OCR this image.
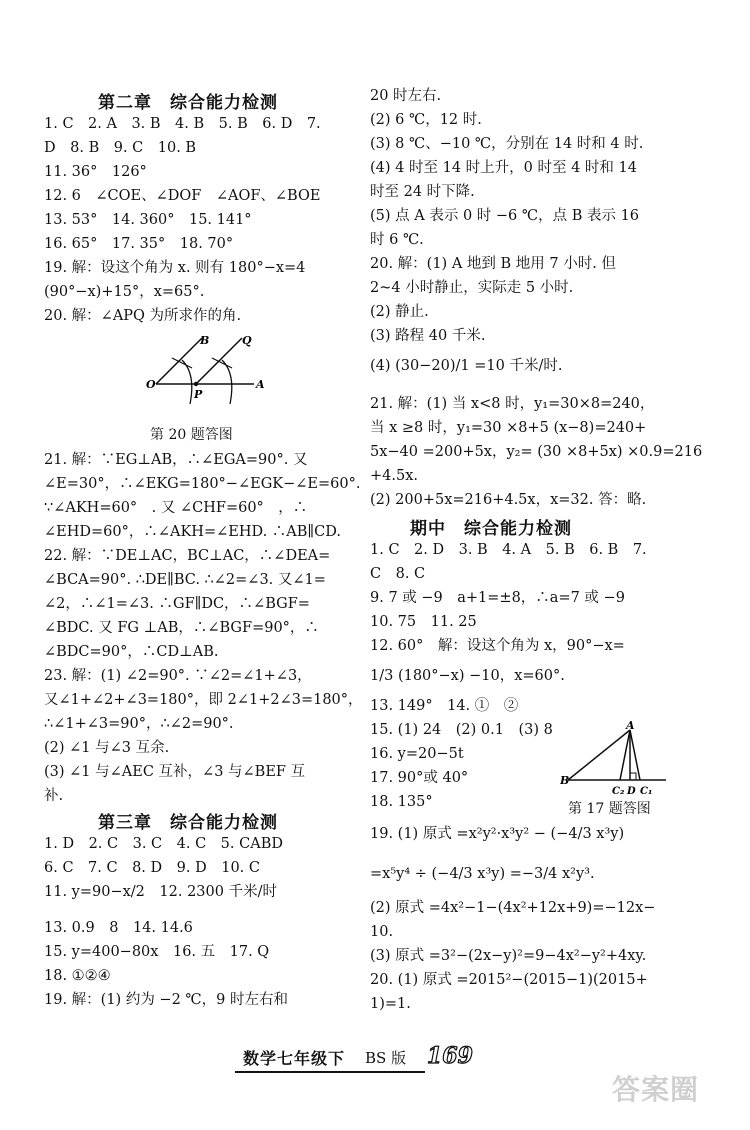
第二章　综合能力检测
1. C　2. A　3. B　4. B　5. B　6. D　7.
D　8. B　9. C　10. B
11. 36°　126°
12. 6　∠COE、∠DOF　∠AOF、∠BOE
13. 53°　14. 360°　15. 141°
16. 65°　17. 35°　18. 70°
19. 解：设这个角为 x. 则有 180°−x=4
(90°−x)+15°，x=65°.
20. 解：∠APQ 为所求作的角.
B	Q
O
P
A
第 20 题答图
21. 解：∵EG⊥AB，∴∠EGA=90°. 又
∠E=30°，∴∠EKG=180°−∠EGK−∠E=60°.
∵∠AKH=60°　. 又 ∠CHF=60°　，∴
∠EHD=60°，∴∠AKH=∠EHD. ∴AB∥CD.
22. 解：∵DE⊥AC，BC⊥AC，∴∠DEA=
∠BCA=90°. ∴DE∥BC. ∴∠2=∠3. 又∠1=
∠2，∴∠1=∠3. ∴GF∥DC，∴∠BGF=
∠BDC. 又 FG ⊥AB，∴∠BGF=90°，∴
∠BDC=90°，∴CD⊥AB.
23. 解：(1) ∠2=90°. ∵∠2=∠1+∠3，
又∠1+∠2+∠3=180°，即 2∠1+2∠3=180°，
∴∠1+∠3=90°，∴∠2=90°.
(2) ∠1 与∠3 互余.
(3) ∠1 与∠AEC 互补，∠3 与∠BEF 互
补.
第三章　综合能力检测
1. D　2. C　3. C　4. C　5. CABD
6. C　7. C　8. D　9. D　10. C
11. y=90−x/2　12. 2300 千米/时
13. 0.9　8　14. 14.6
15. y=400−80x　16. 五　17. Q
18. ①②④
19. 解：(1) 约为 −2 ℃，9 时左右和
20 时左右.
(2) 6 ℃，12 时.
(3) 8 ℃、−10 ℃，分别在 14 时和 4 时.
(4) 4 时至 14 时上升，0 时至 4 时和 14
时至 24 时下降.
(5) 点 A 表示 0 时 −6 ℃，点 B 表示 16
时 6 ℃.
20. 解：(1) A 地到 B 地用 7 小时. 但
2~4 小时静止，实际走 5 小时.
(2) 静止.
(3) 路程 40 千米.
(4) (30−20)/1 =10 千米/时.
21. 解：(1) 当 x<8 时，y₁=30×8=240，
当 x ≥8 时，y₁=30 ×8+5 (x−8)=240+
5x−40 =200+5x，y₂= (30 ×8+5x) ×0.9=216
+4.5x.
(2) 200+5x=216+4.5x，x=32. 答：略.
期中　综合能力检测
1. C　2. D　3. B　4. A　5. B　6. B　7.
C　8. C
9. 7 或 −9　a+1=±8，∴a=7 或 −9
10. 75　11. 25
12. 60°　解：设这个角为 x，90°−x=
1/3 (180°−x) −10，x=60°.
13. 149°　14. ①　②
15. (1) 24　(2) 0.1　(3) 8
16. y=20−5t
17. 90°或 40°
18. 135°
A
B
C₂ D C₁
第 17 题答图
19. (1) 原式 =x²y²·x³y² − (−4/3 x³y)
=x⁵y⁴ ÷ (−4/3 x³y) =−3/4 x²y³.
(2) 原式 =4x²−1−(4x²+12x+9)=−12x−
10.
(3) 原式 =3²−(2x−y)²=9−4x²−y²+4xy.
20. (1) 原式 =2015²−(2015−1)(2015+
1)=1.
数学七年级下 BS 版 169
答案圈
